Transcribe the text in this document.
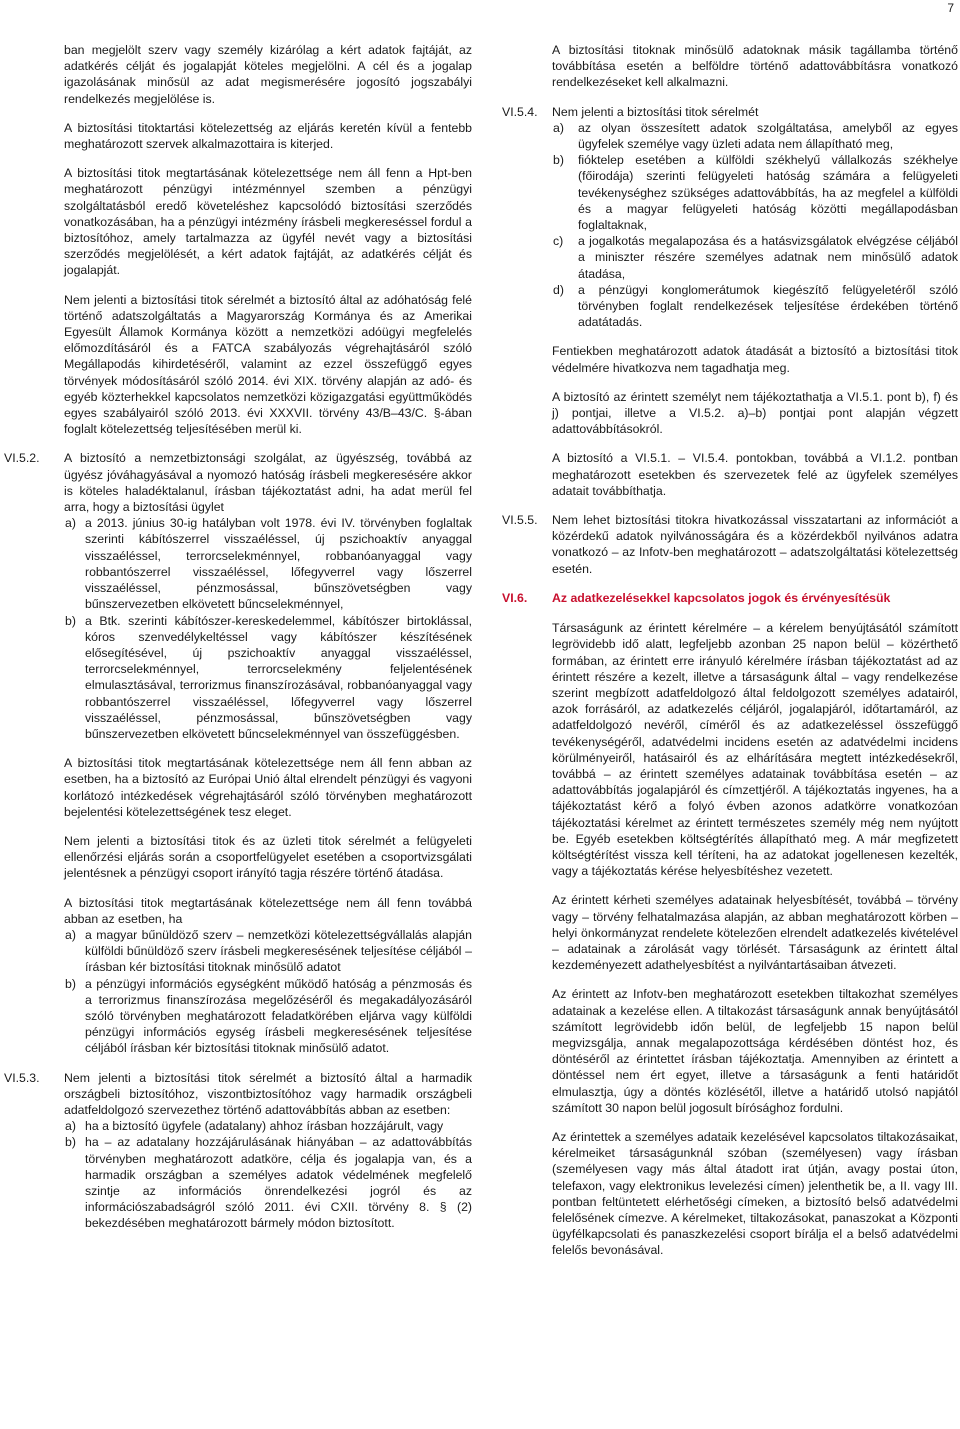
7

ban megjelölt szerv vagy személy kizárólag a kért adatok fajtáját, az adatkérés célját és jogalapját köteles megjelölni. A cél és a jogalap igazolásának minősül az adat megismerésére jogosító jogszabályi rendelkezés megjelölése is.

A biztosítási titoktartási kötelezettség az eljárás keretén kívül a fentebb meghatározott szervek alkalmazottaira is kiterjed.

A biztosítási titok megtartásának kötelezettsége nem áll fenn a Hpt-ben meghatározott pénzügyi intézménnyel szemben a pénzügyi szolgáltatásból eredő követeléshez kapcsolódó biztosítási szerződés vonatkozásában, ha a pénzügyi intézmény írásbeli megkereséssel fordul a biztosítóhoz, amely tartalmazza az ügyfél nevét vagy a biztosítási szerződés megjelölését, a kért adatok fajtáját, az adatkérés célját és jogalapját.

Nem jelenti a biztosítási titok sérelmét a biztosító által az adóhatóság felé történő adatszolgáltatás a Magyarország Kormánya és az Amerikai Egyesült Államok Kormánya között a nemzetközi adóügyi megfelelés előmozdításáról és a FATCA szabályozás végrehajtásáról szóló Megállapodás kihirdetéséről, valamint az ezzel összefüggő egyes törvények módosításáról szóló 2014. évi XIX. törvény alapján az adó- és egyéb közterhekkel kapcsolatos nemzetközi közigazgatási együttműködés egyes szabályairól szóló 2013. évi XXXVII. törvény 43/B–43/C. §-ában foglalt kötelezettség teljesítésében merül ki.

VI.5.2.	A biztosító a nemzetbiztonsági szolgálat, az ügyészség, továbbá az ügyész jóváhagyásával a nyomozó hatóság írásbeli megkeresésére akkor is köteles haladéktalanul, írásban tájékoztatást adni, ha adat merül fel arra, hogy a biztosítási ügylet

a) a 2013. június 30-ig hatályban volt 1978. évi IV. törvényben foglaltak szerinti kábítószerrel visszaéléssel, új pszichoaktív anyaggal visszaéléssel, terrorcselekménnyel, robbanóanyaggal vagy robbantószerrel visszaéléssel, lőfegyverrel vagy lőszerrel visszaéléssel, pénzmosással, bűnszövetségben vagy bűnszervezetben elkövetett bűncselekménnyel,
b) a Btk. szerinti kábítószer-kereskedelemmel, kábítószer birtoklással, kóros szenvedélykeltéssel vagy kábítószer készítésének elősegítésével, új pszichoaktív anyaggal visszaéléssel, terrorcselekménnyel, terrorcselekmény feljelentésének elmulasztásával, terrorizmus finanszírozásával, robbanóanyaggal vagy robbantószerrel visszaéléssel, lőfegyverrel vagy lőszerrel visszaéléssel, pénzmosással, bűnszövetségben vagy bűnszervezetben elkövetett bűncselekménnyel van összefüggésben.

A biztosítási titok megtartásának kötelezettsége nem áll fenn abban az esetben, ha a biztosító az Európai Unió által elrendelt pénzügyi és vagyoni korlátozó intézkedések végrehajtásáról szóló törvényben meghatározott bejelentési kötelezettségének tesz eleget.

Nem jelenti a biztosítási titok és az üzleti titok sérelmét a felügyeleti ellenőrzési eljárás során a csoportfelügyelet esetében a csoportvizsgálati jelentésnek a pénzügyi csoport irányító tagja részére történő átadása.

A biztosítási titok megtartásának kötelezettsége nem áll fenn továbbá abban az esetben, ha

a) a magyar bűnüldöző szerv – nemzetközi kötelezettségvállalás alapján külföldi bűnüldöző szerv írásbeli megkeresésének teljesítése céljából – írásban kér biztosítási titoknak minősülő adatot
b) a pénzügyi információs egységként működő hatóság a pénzmosás és a terrorizmus finanszírozása megelőzéséről és megakadályozásáról szóló törvényben meghatározott feladatkörében eljárva vagy külföldi pénzügyi információs egység írásbeli megkeresésének teljesítése céljából írásban kér biztosítási titoknak minősülő adatot.
VI.5.3.	Nem jelenti a biztosítási titok sérelmét a biztosító által a harmadik országbeli biztosítóhoz, viszontbiztosítóhoz vagy harmadik országbeli adatfeldolgozó szervezethez történő adattovábbítás abban az esetben:

a) ha a biztosító ügyfele (adatalany) ahhoz írásban hozzájárult, vagy
b) ha – az adatalany hozzájárulásának hiányában – az adattovábbítás törvényben meghatározott adatköre, célja és jogalapja van, és a harmadik országban a személyes adatok védelmének megfelelő szintje az információs önrendelkezési jogról és az információszabadságról szóló 2011. évi CXII. törvény 8. § (2) bekezdésében meghatározott bármely módon biztosított.

A biztosítási titoknak minősülő adatoknak másik tagállamba történő továbbítása esetén a belföldre történő adattovábbításra vonatkozó rendelkezéseket kell alkalmazni.

VI.5.4.	Nem jelenti a biztosítási titok sérelmét

a) az olyan összesített adatok szolgáltatása, amelyből az egyes ügyfelek személye vagy üzleti adata nem állapítható meg,
b) fióktelep esetében a külföldi székhelyű vállalkozás székhelye (főirodája) szerinti felügyeleti hatóság számára a felügyeleti tevékenységhez szükséges adattovábbítás, ha az megfelel a külföldi és a magyar felügyeleti hatóság közötti megállapodásban foglaltaknak,
c) a jogalkotás megalapozása és a hatásvizsgálatok elvégzése céljából a miniszter részére személyes adatnak nem minősülő adatok átadása,
d) a pénzügyi konglomerátumok kiegészítő felügyeletéről szóló törvényben foglalt rendelkezések teljesítése érdekében történő adatátadás.

Fentiekben meghatározott adatok átadását a biztosító a biztosítási titok védelmére hivatkozva nem tagadhatja meg.

A biztosító az érintett személyt nem tájékoztathatja a VI.5.1. pont b), f) és j) pontjai, illetve a VI.5.2. a)–b) pontjai pont alapján végzett adattovábbításokról.

A biztosító a VI.5.1. – VI.5.4. pontokban, továbbá a VI.1.2. pontban meghatározott esetekben és szervezetek felé az ügyfelek személyes adatait továbbíthatja.

VI.5.5.	Nem lehet biztosítási titokra hivatkozással visszatartani az információt a közérdekű adatok nyilvánosságára és a közérdekből nyilvános adatra vonatkozó – az Infotv-ben meghatározott – adatszolgáltatási kötelezettség esetén.

VI.6.	Az adatkezelésekkel kapcsolatos jogok és érvényesítésük

Társaságunk az érintett kérelmére – a kérelem benyújtásától számított legrövidebb idő alatt, legfeljebb azonban 25 napon belül – közérthető formában, az érintett erre irányuló kérelmére írásban tájékoztatást ad az érintett részére a kezelt, illetve a társaságunk által – vagy rendelkezése szerint megbízott adatfeldolgozó által feldolgozott személyes adatairól, azok forrásáról, az adatkezelés céljáról, jogalapjáról, időtartamáról, az adatfeldolgozó nevéről, címéről és az adatkezeléssel összefüggő tevékenységéről, adatvédelmi incidens esetén az adatvédelmi incidens körülményeiről, hatásairól és az elhárítására megtett intézkedésekről, továbbá – az érintett személyes adatainak továbbítása esetén – az adattovábbítás jogalapjáról és címzettjéről. A tájékoztatás ingyenes, ha a tájékoztatást kérő a folyó évben azonos adatkörre vonatkozóan tájékoztatási kérelmet az érintett természetes személy még nem nyújtott be. Egyéb esetekben költségtérítés állapítható meg. A már megfizetett költségtérítést vissza kell téríteni, ha az adatokat jogellenesen kezelték, vagy a tájékoztatás kérése helyesbítéshez vezetett.

Az érintett kérheti személyes adatainak helyesbítését, továbbá – törvény vagy – törvény felhatalmazása alapján, az abban meghatározott körben – helyi önkormányzat rendelete kötelezően elrendelt adatkezelés kivételével – adatainak a zárolását vagy törlését. Társaságunk az érintett által kezdeményezett adathelyesbítést a nyilvántartásaiban átvezeti.

Az érintett az Infotv-ben meghatározott esetekben tiltakozhat személyes adatainak a kezelése ellen. A tiltakozást társaságunk annak benyújtásától számított legrövidebb időn belül, de legfeljebb 15 napon belül megvizsgálja, annak megalapozottsága kérdésében döntést hoz, és döntéséről az érintettet írásban tájékoztatja. Amennyiben az érintett a döntéssel nem ért egyet, illetve a társaságunk a fenti határidőt elmulasztja, úgy a döntés közlésétől, illetve a határidő utolsó napjától számított 30 napon belül jogosult bírósághoz fordulni.

Az érintettek a személyes adataik kezelésével kapcsolatos tiltakozásaikat, kérelmeiket társaságunknál szóban (személyesen) vagy írásban (személyesen vagy más által átadott irat útján, avagy postai úton, telefaxon, vagy elektronikus levelezési címen) jelenthetik be, a II. vagy III. pontban feltüntetett elérhetőségi címeken, a biztosító belső adatvédelmi felelősének címezve. A kérelmeket, tiltakozásokat, panaszokat a Központi ügyfélkapcsolati és panaszkezelési csoport bírálja el a belső adatvédelmi felelős bevonásával.
